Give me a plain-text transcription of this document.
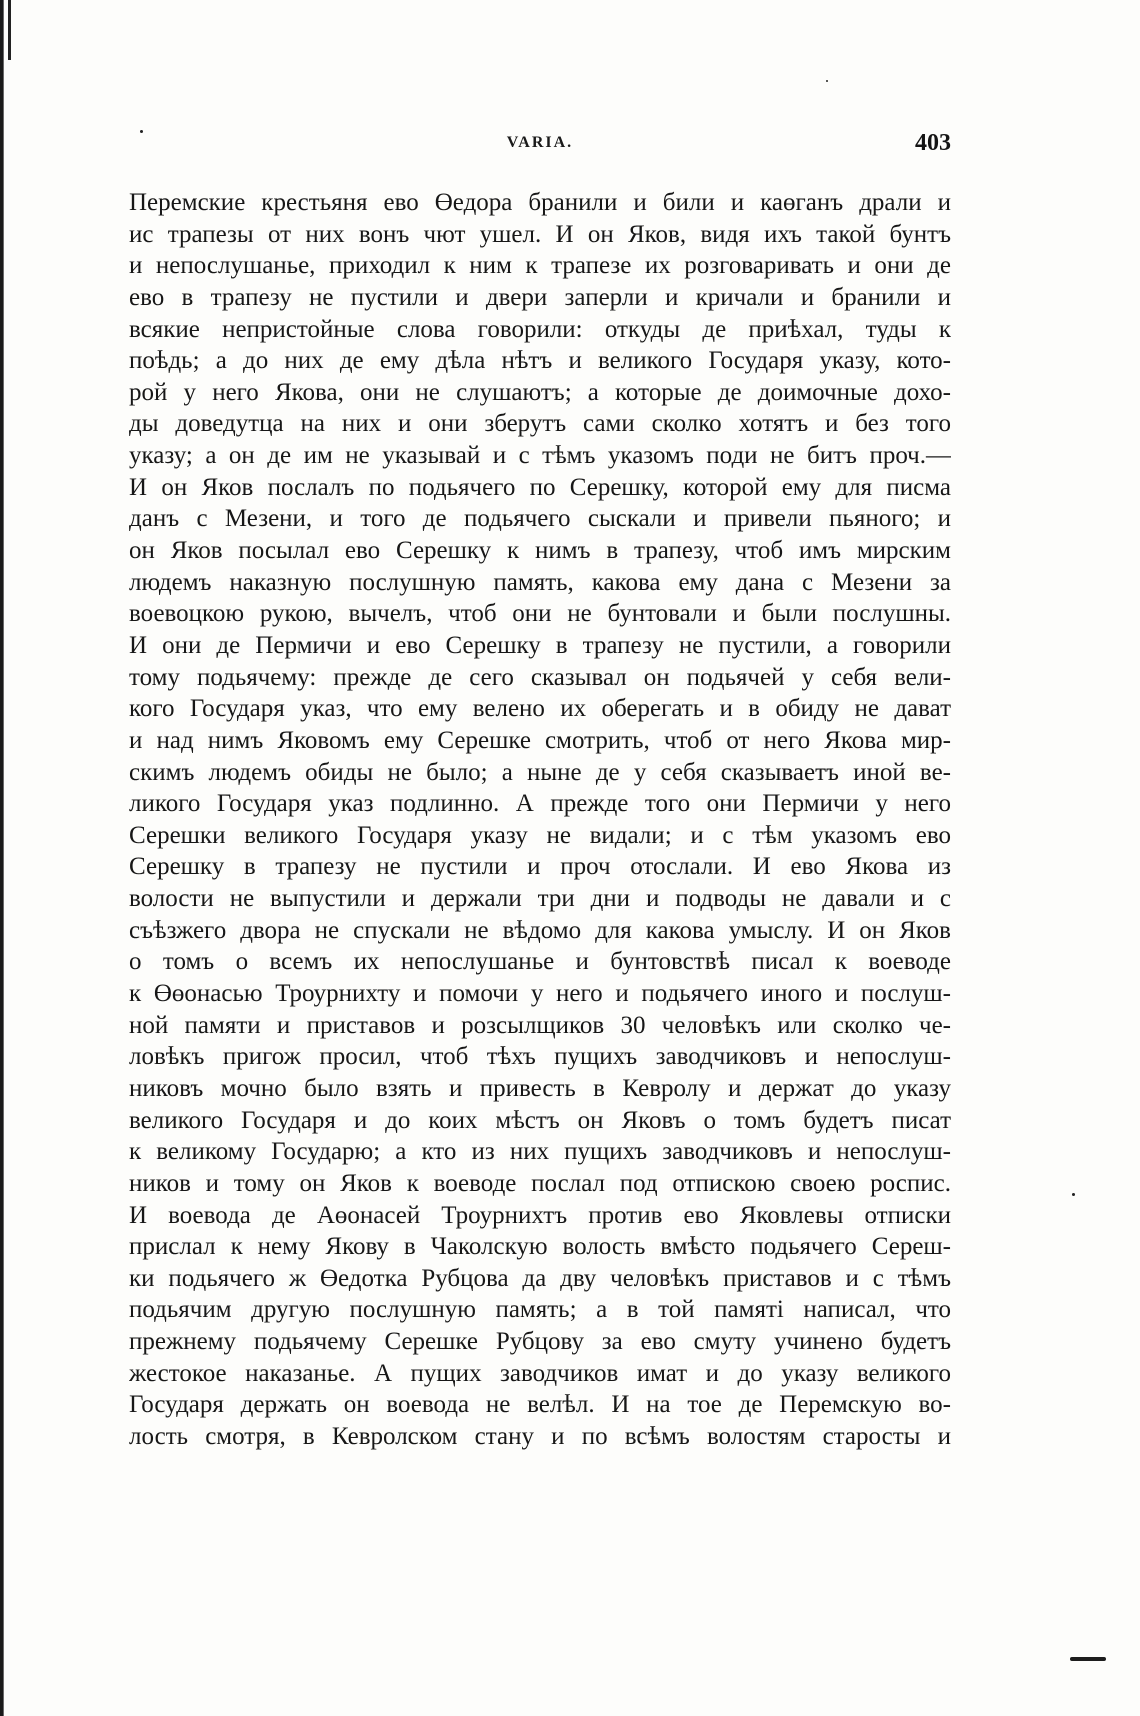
VARIA.	403
Перемские крестьяня ево Өедора бранили и били и каөганъ драли и
ис трапезы от них вонъ чют ушел. И он Яков, видя ихъ такой бунтъ
и непослушанье, приходил к ним к трапезе их розговаривать и они де
ево в трапезу не пустили и двери заперли и кричали и бранили и
всякие непристойные слова говорили: откуды де приѣхал, туды к
поѣдь; а до них де ему дѣла нѣтъ и великого Государя указу, кото-
рой у него Якова, они не слушаютъ; а которые де доимочные дохо-
ды доведутца на них и они зберутъ сами сколко хотятъ и без того
указу; а он де им не указывай и с тѣмъ указомъ поди не битъ проч.—
И он Яков послалъ по подьячего по Серешку, которой ему для писма
данъ с Мезени, и того де подьячего сыскали и привели пьяного; и
он Яков посылал ево Серешку к нимъ в трапезу, чтоб имъ мирским
людемъ наказную послушную память, какова ему дана с Мезени за
воевоцкою рукою, вычелъ, чтоб они не бунтовали и были послушны.
И они де Пермичи и ево Серешку в трапезу не пустили, а говорили
тому подьячему: прежде де сего сказывал он подьячей у себя вели-
кого Государя указ, что ему велено их оберегать и в обиду не дават
и над нимъ Яковомъ ему Серешке смотрить, чтоб от него Якова мир-
скимъ людемъ обиды не было; а ныне де у себя сказываетъ иной ве-
ликого Государя указ подлинно. А прежде того они Пермичи у него
Серешки великого Государя указу не видали; и с тѣм указомъ ево
Серешку в трапезу не пустили и проч отослали. И ево Якова из
волости не выпустили и держали три дни и подводы не давали и с
съѣзжего двора не спускали не вѣдомо для какова умыслу. И он Яков
о томъ о всемъ их непослушанье и бунтовствѣ писал к воеводе
к Өөонасью Троурнихту и помочи у него и подьячего иного и послуш-
ной памяти и приставов и розсылщиков 30 человѣкъ или сколко че-
ловѣкъ пригож просил, чтоб тѣхъ пущихъ заводчиковъ и непослуш-
никовъ мочно было взять и привесть в Кевролу и держат до указу
великого Государя и до коих мѣстъ он Яковъ о томъ будетъ писат
к великому Государю; а кто из них пущихъ заводчиковъ и непослуш-
ников и тому он Яков к воеводе послал под отпискою своею роспис.
И воевода де Аөонасей Троурнихтъ против ево Яковлевы отписки
прислал к нему Якову в Чаколскую волость вмѣсто подьячего Сереш-
ки подьячего ж Өедотка Рубцова да дву человѣкъ приставов и с тѣмъ
подьячим другую послушную память; а в той памяті написал, что
прежнему подьячему Серешке Рубцову за ево смуту учинено будетъ
жестокое наказанье. А пущих заводчиков имат и до указу великого
Государя держать он воевода не велѣл. И на тое де Перемскую во-
лость смотря, в Кевролском стану и по всѣмъ волостям старосты и
